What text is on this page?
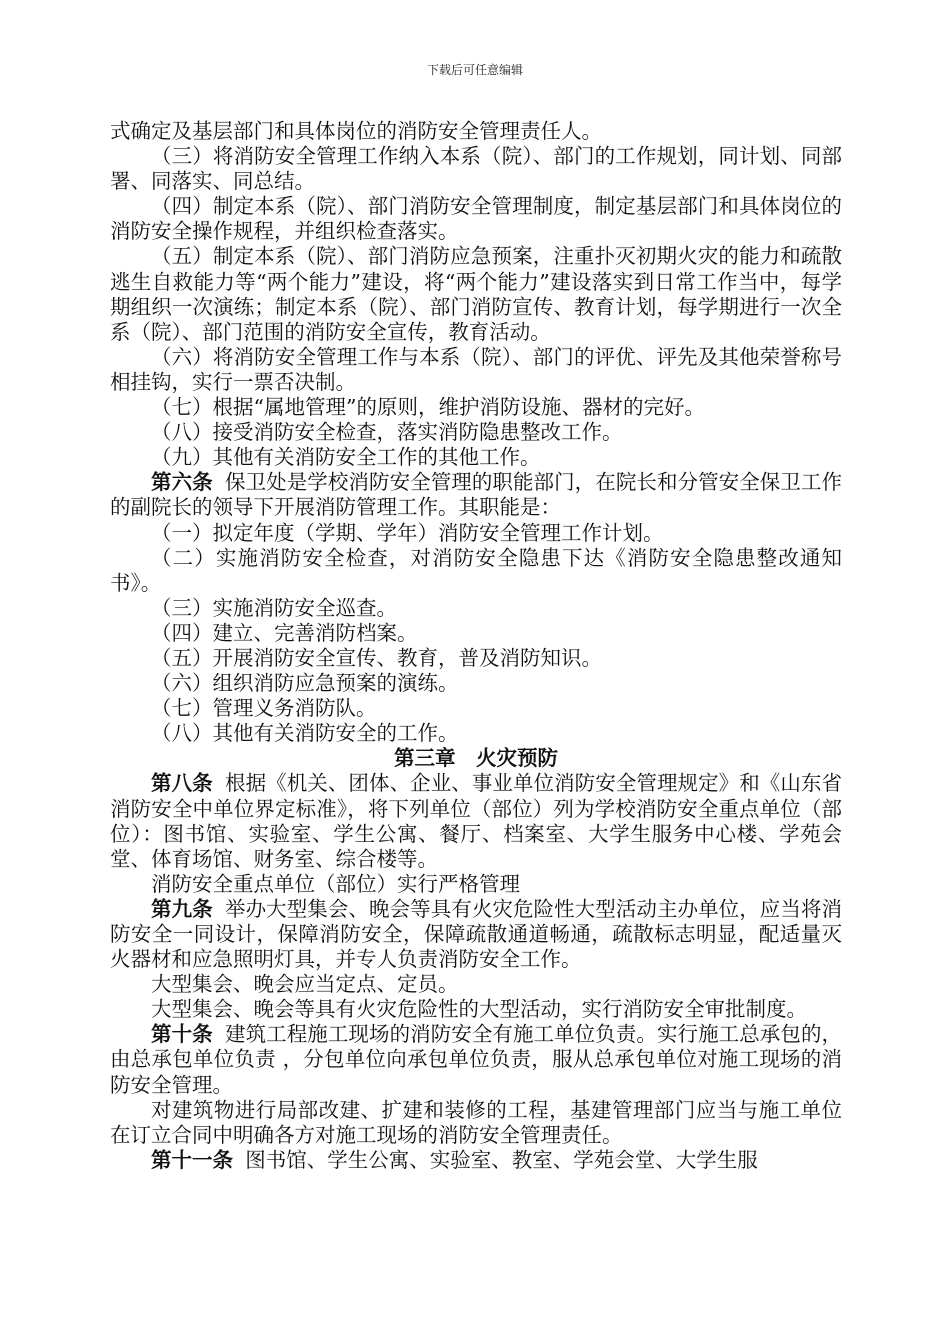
下载后可任意编辑

式确定及基层部门和具体岗位的消防安全管理责任人。

（三）将消防安全管理工作纳入本系（院）、部门的工作规划，同计划、同部署、同落实、同总结。

（四）制定本系（院）、部门消防安全管理制度，制定基层部门和具体岗位的消防安全操作规程，并组织检查落实。

（五）制定本系（院）、部门消防应急预案，注重扑灭初期火灾的能力和疏散逃生自救能力等“两个能力”建设，将“两个能力”建设落实到日常工作当中，每学期组织一次演练；制定本系（院）、部门消防宣传、教育计划，每学期进行一次全系（院）、部门范围的消防安全宣传，教育活动。

（六）将消防安全管理工作与本系（院）、部门的评优、评先及其他荣誉称号相挂钩，实行一票否决制。

（七）根据“属地管理”的原则，维护消防设施、器材的完好。

（八）接受消防安全检查，落实消防隐患整改工作。

（九）其他有关消防安全工作的其他工作。

第六条 保卫处是学校消防安全管理的职能部门，在院长和分管安全保卫工作的副院长的领导下开展消防管理工作。其职能是：

（一）拟定年度（学期、学年）消防安全管理工作计划。

（二）实施消防安全检查，对消防安全隐患下达《消防安全隐患整改通知书》。

（三）实施消防安全巡查。

（四）建立、完善消防档案。

（五）开展消防安全宣传、教育，普及消防知识。

（六）组织消防应急预案的演练。

（七）管理义务消防队。

（八）其他有关消防安全的工作。

第三章 火灾预防

第八条 根据《机关、团体、企业、事业单位消防安全管理规定》和《山东省消防安全中单位界定标准》，将下列单位（部位）列为学校消防安全重点单位（部位）：图书馆、实验室、学生公寓、餐厅、档案室、大学生服务中心楼、学苑会堂、体育场馆、财务室、综合楼等。

消防安全重点单位（部位）实行严格管理

第九条 举办大型集会、晚会等具有火灾危险性大型活动主办单位，应当将消防安全一同设计，保障消防安全，保障疏散通道畅通，疏散标志明显，配适量灭火器材和应急照明灯具，并专人负责消防安全工作。

大型集会、晚会应当定点、定员。

大型集会、晚会等具有火灾危险性的大型活动，实行消防安全审批制度。

第十条 建筑工程施工现场的消防安全有施工单位负责。实行施工总承包的，由总承包单位负责 ，分包单位向承包单位负责，服从总承包单位对施工现场的消防安全管理。

对建筑物进行局部改建、扩建和装修的工程，基建管理部门应当与施工单位在订立合同中明确各方对施工现场的消防安全管理责任。

第十一条 图书馆、学生公寓、实验室、教室、学苑会堂、大学生服
